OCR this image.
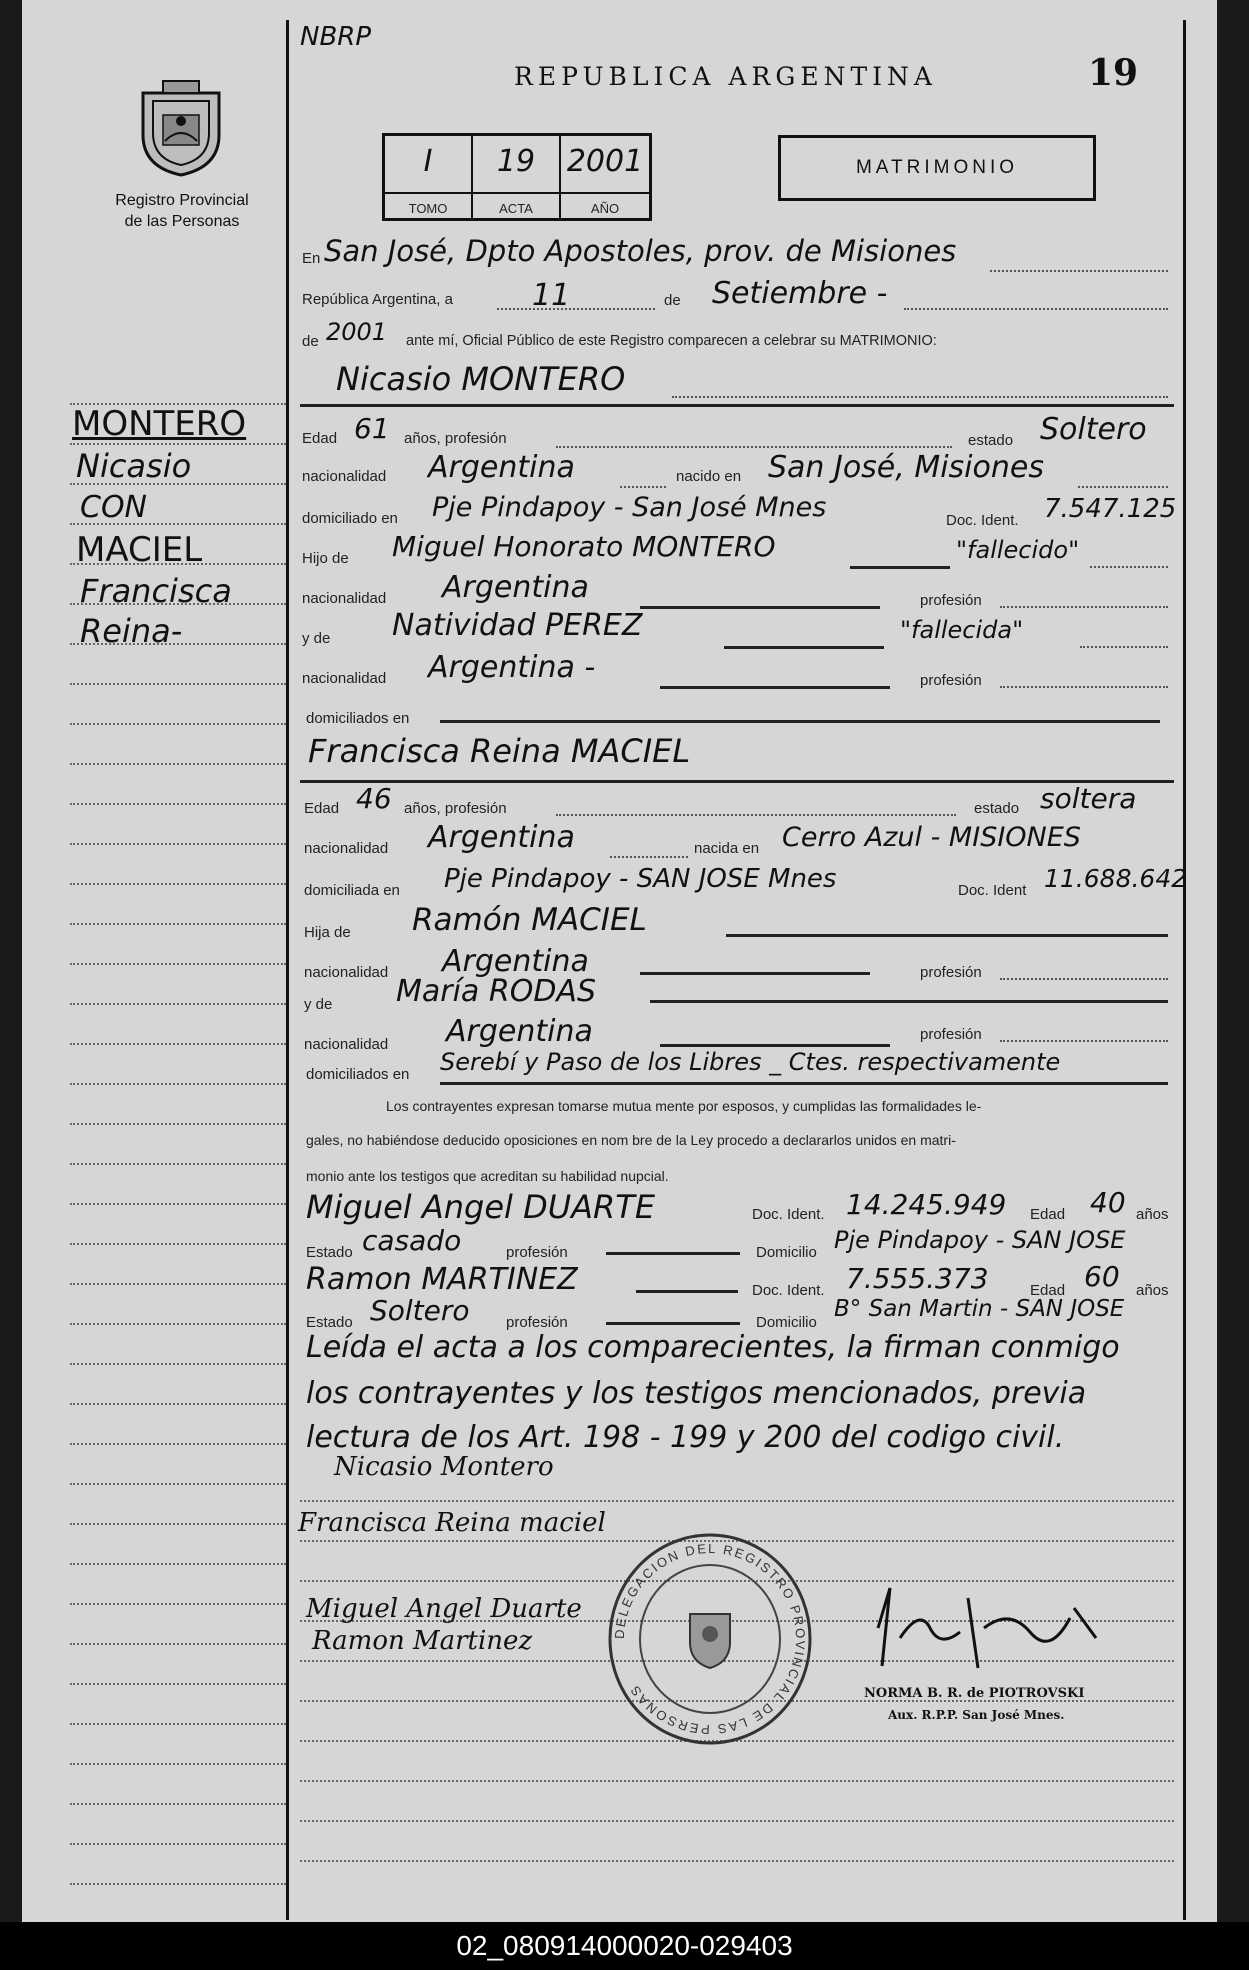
NBRP
REPUBLICA ARGENTINA	19
Registro Provincial
de las Personas
I
TOMO
19
ACTA
2001
AÑO
MATRIMONIO
MONTERO
Nicasio
CON
MACIEL
Francisca
Reina-
En San José, Dpto Apostoles, prov. de Misiones
República Argentina, a	11	de Setiembre -
de 2001 ante mí, Oficial Público de este Registro comparecen a celebrar su MATRIMONIO:
Nicasio MONTERO
Edad 61 años, profesión	estado Soltero
nacionalidad Argentina	nacido en San José, Misiones
domiciliado en Pje Pindapoy - San José Mnes	Doc. Ident. 7.547.125
Hijo de Miguel Honorato MONTERO	"fallecido"
nacionalidad Argentina	profesión
y de Natividad PEREZ	"fallecida"
nacionalidad Argentina -	profesión
domiciliados en
Francisca Reina MACIEL
Edad 46 años, profesión	estado soltera
nacionalidad Argentina	nacida en Cerro Azul - MISIONES
domiciliada en Pje Pindapoy - SAN JOSE Mnes	Doc. Ident 11.688.642
Hija de Ramón MACIEL
nacionalidad Argentina	profesión
y de María RODAS
nacionalidad Argentina	profesión
domiciliados en Serebí y Paso de los Libres _ Ctes. respectivamente
Los contrayentes expresan tomarse mutua mente por esposos, y cumplidas las formalidades le-
gales, no habiéndose deducido oposiciones en nom bre de la Ley procedo a declararlos unidos en matri-
monio ante los testigos que acreditan su habilidad nupcial.
Miguel Angel DUARTE	Doc. Ident. 14.245.949 Edad 40 años
Estado casado	profesión	Domicilio Pje Pindapoy - SAN JOSE
Ramon MARTINEZ	Doc. Ident. 7.555.373	Edad 60 años
Estado Soltero profesión	Domicilio
B° San Martin - SAN JOSE
Leída el acta a los comparecientes, la firman conmigo
los contrayentes y los testigos mencionados, previa
lectura de los Art. 198 - 199 y 200 del codigo civil.
Nicasio Montero
Francisca Reina maciel
Miguel Angel Duarte
Ramon Martinez	DELEGACION DEL REGISTRO PROVINCIAL DE LAS PERSONAS	NORMA B. R. de PIOTROVSKI
Aux. R.P.P. San José Mnes.
02_080914000020-029403
